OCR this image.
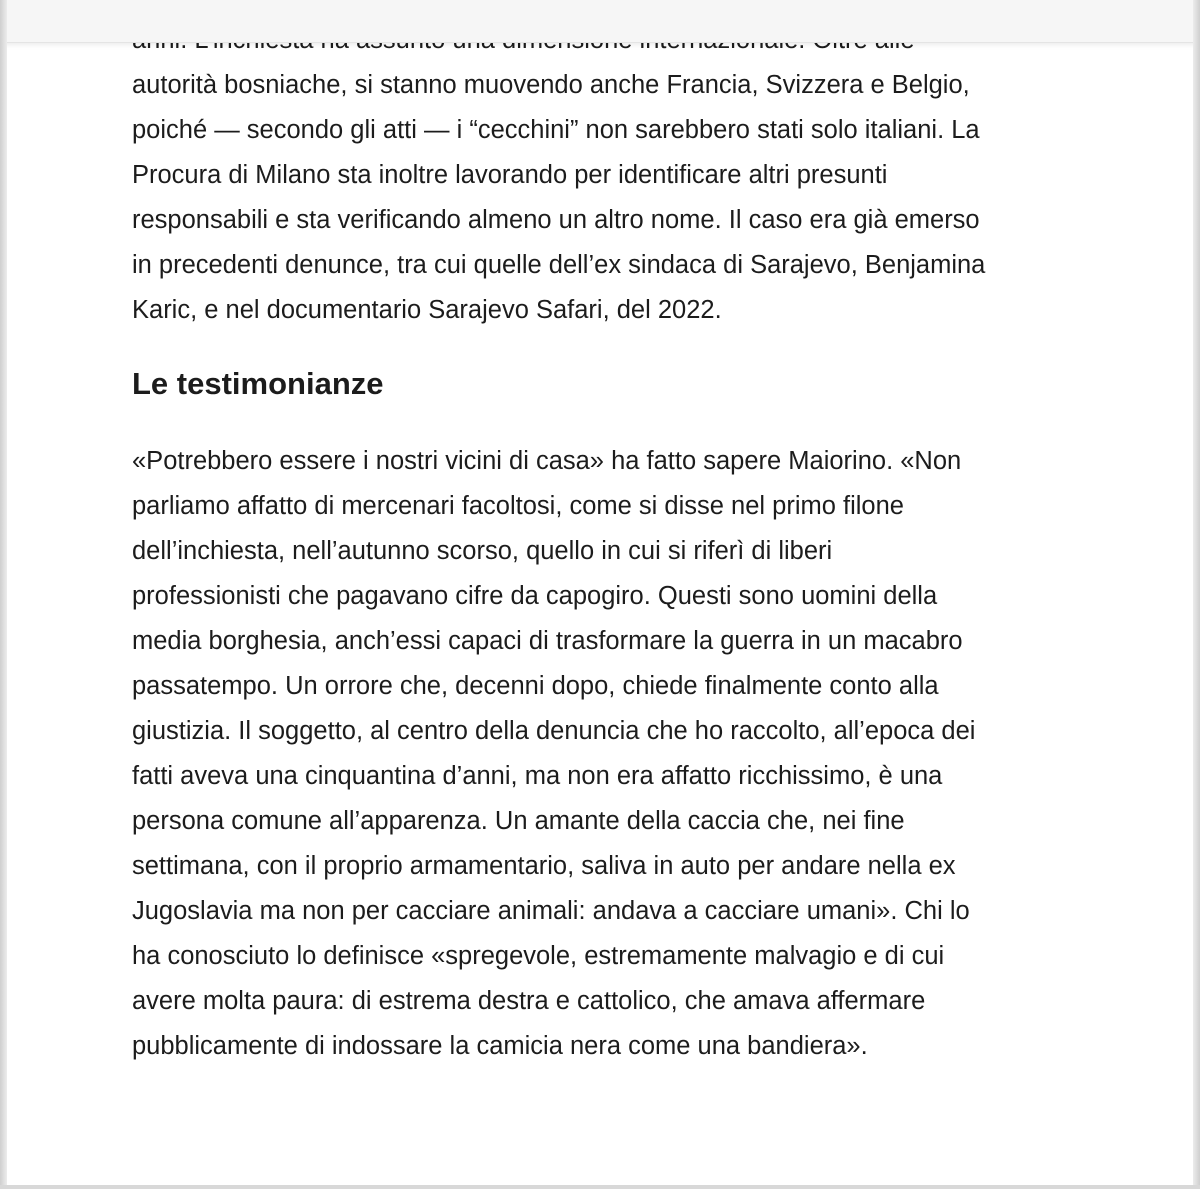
autorità bosniache, si stanno muovendo anche Francia, Svizzera e Belgio,
poiché — secondo gli atti — i “cecchini” non sarebbero stati solo italiani. La
Procura di Milano sta inoltre lavorando per identificare altri presunti
responsabili e sta verificando almeno un altro nome. Il caso era già emerso
in precedenti denunce, tra cui quelle dell’ex sindaca di Sarajevo, Benjamina
Karic, e nel documentario Sarajevo Safari, del 2022.
Le testimonianze
«Potrebbero essere i nostri vicini di casa» ha fatto sapere Maiorino. «Non
parliamo affatto di mercenari facoltosi, come si disse nel primo filone
dell’inchiesta, nell’autunno scorso, quello in cui si riferì di liberi
professionisti che pagavano cifre da capogiro. Questi sono uomini della
media borghesia, anch’essi capaci di trasformare la guerra in un macabro
passatempo. Un orrore che, decenni dopo, chiede finalmente conto alla
giustizia. Il soggetto, al centro della denuncia che ho raccolto, all’epoca dei
fatti aveva una cinquantina d’anni, ma non era affatto ricchissimo, è una
persona comune all’apparenza. Un amante della caccia che, nei fine
settimana, con il proprio armamentario, saliva in auto per andare nella ex
Jugoslavia ma non per cacciare animali: andava a cacciare umani». Chi lo
ha conosciuto lo definisce «spregevole, estremamente malvagio e di cui
avere molta paura: di estrema destra e cattolico, che amava affermare
pubblicamente di indossare la camicia nera come una bandiera».
